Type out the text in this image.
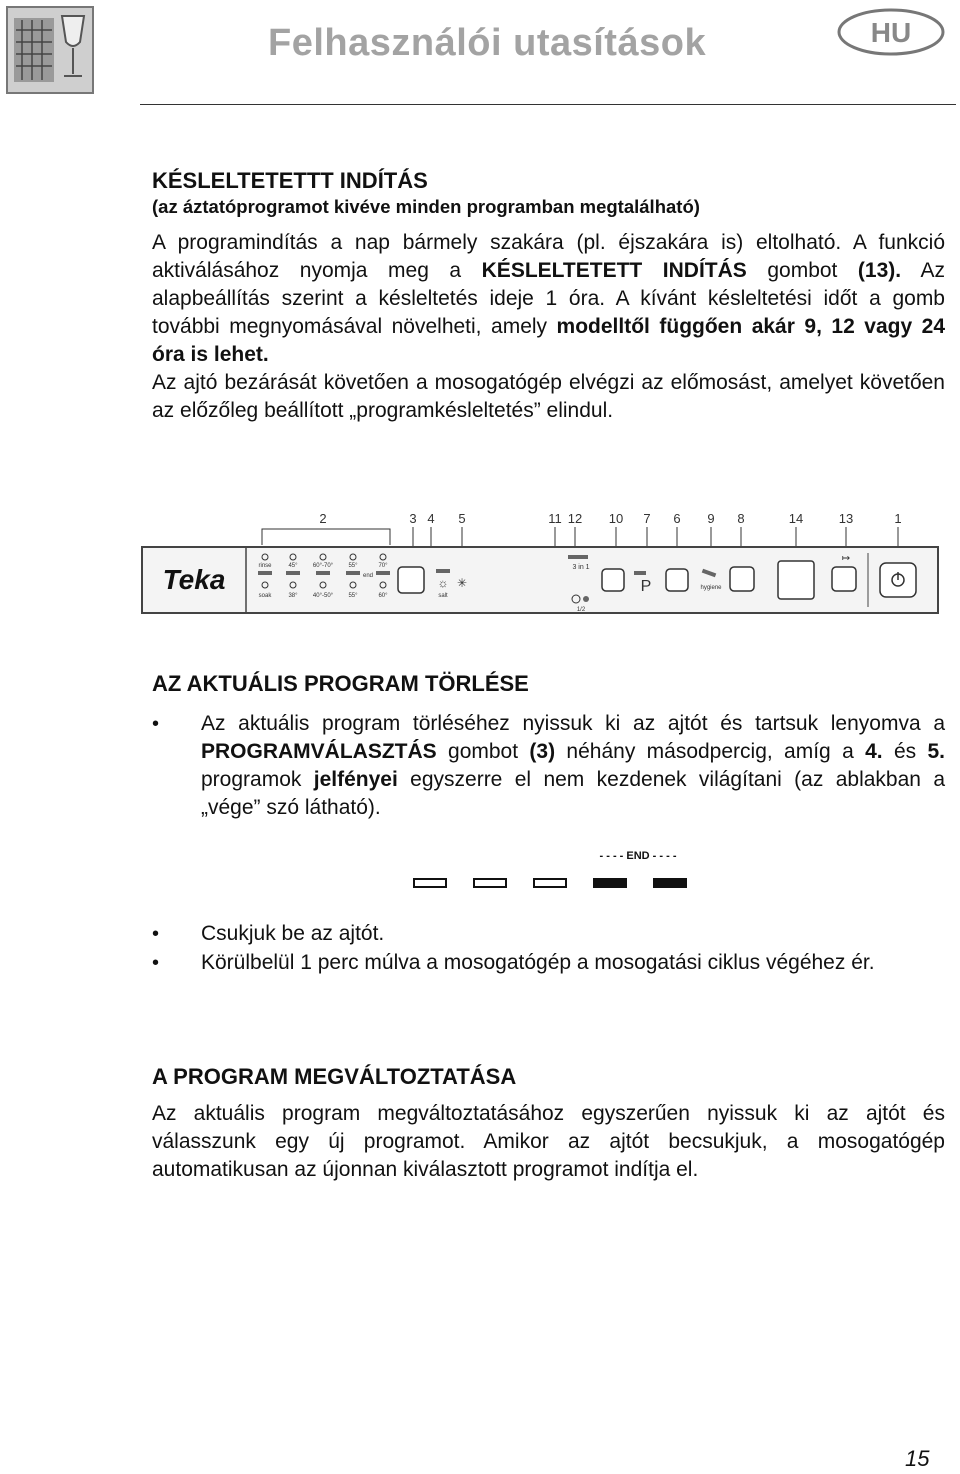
Felhasználói utasítások	HU
KÉSLELTETETTT INDÍTÁS
(az áztatóprogramot kivéve minden programban megtalálható)
A programindítás a nap bármely szakára (pl. éjszakára is) eltolható. A funkció aktiválásához nyomja meg a KÉSLELTETETT INDÍTÁS gombot (13). Az alapbeállítás szerint a késleltetés ideje 1 óra. A kívánt késleltetési időt a gomb további megnyomásával növelheti, amely modelltől függően akár 9, 12 vagy 24 óra is lehet.
Az ajtó bezárását követően a mosogatógép elvégzi az előmosást, amelyet követően az előzőleg beállított „programkésleltetés” elindul.
2	3 4 5	11 12 10 7 6 9 8	14	13	1
Teka	rinse	45°	60°-70°	55°	70°
soak	38°	40°-50°	55°	60°
end
salt
☼ ✳
3 in 1
1/2
P	hygiene
↦
AZ AKTUÁLIS PROGRAM TÖRLÉSE
• Az aktuális program törléséhez nyissuk ki az ajtót és tartsuk lenyomva a PROGRAMVÁLASZTÁS gombot (3) néhány másodpercig, amíg a 4. és 5. programok jelfényei egyszerre el nem kezdenek világítani (az ablakban a „vége” szó látható).
- - - - END - - - -
• Csukjuk be az ajtót.
• Körülbelül 1 perc múlva a mosogatógép a mosogatási ciklus végéhez ér.
A PROGRAM MEGVÁLTOZTATÁSA
Az aktuális program megváltoztatásához egyszerűen nyissuk ki az ajtót és válasszunk egy új programot. Amikor az ajtót becsukjuk, a mosogatógép automatikusan az újonnan kiválasztott programot indítja el.
15
